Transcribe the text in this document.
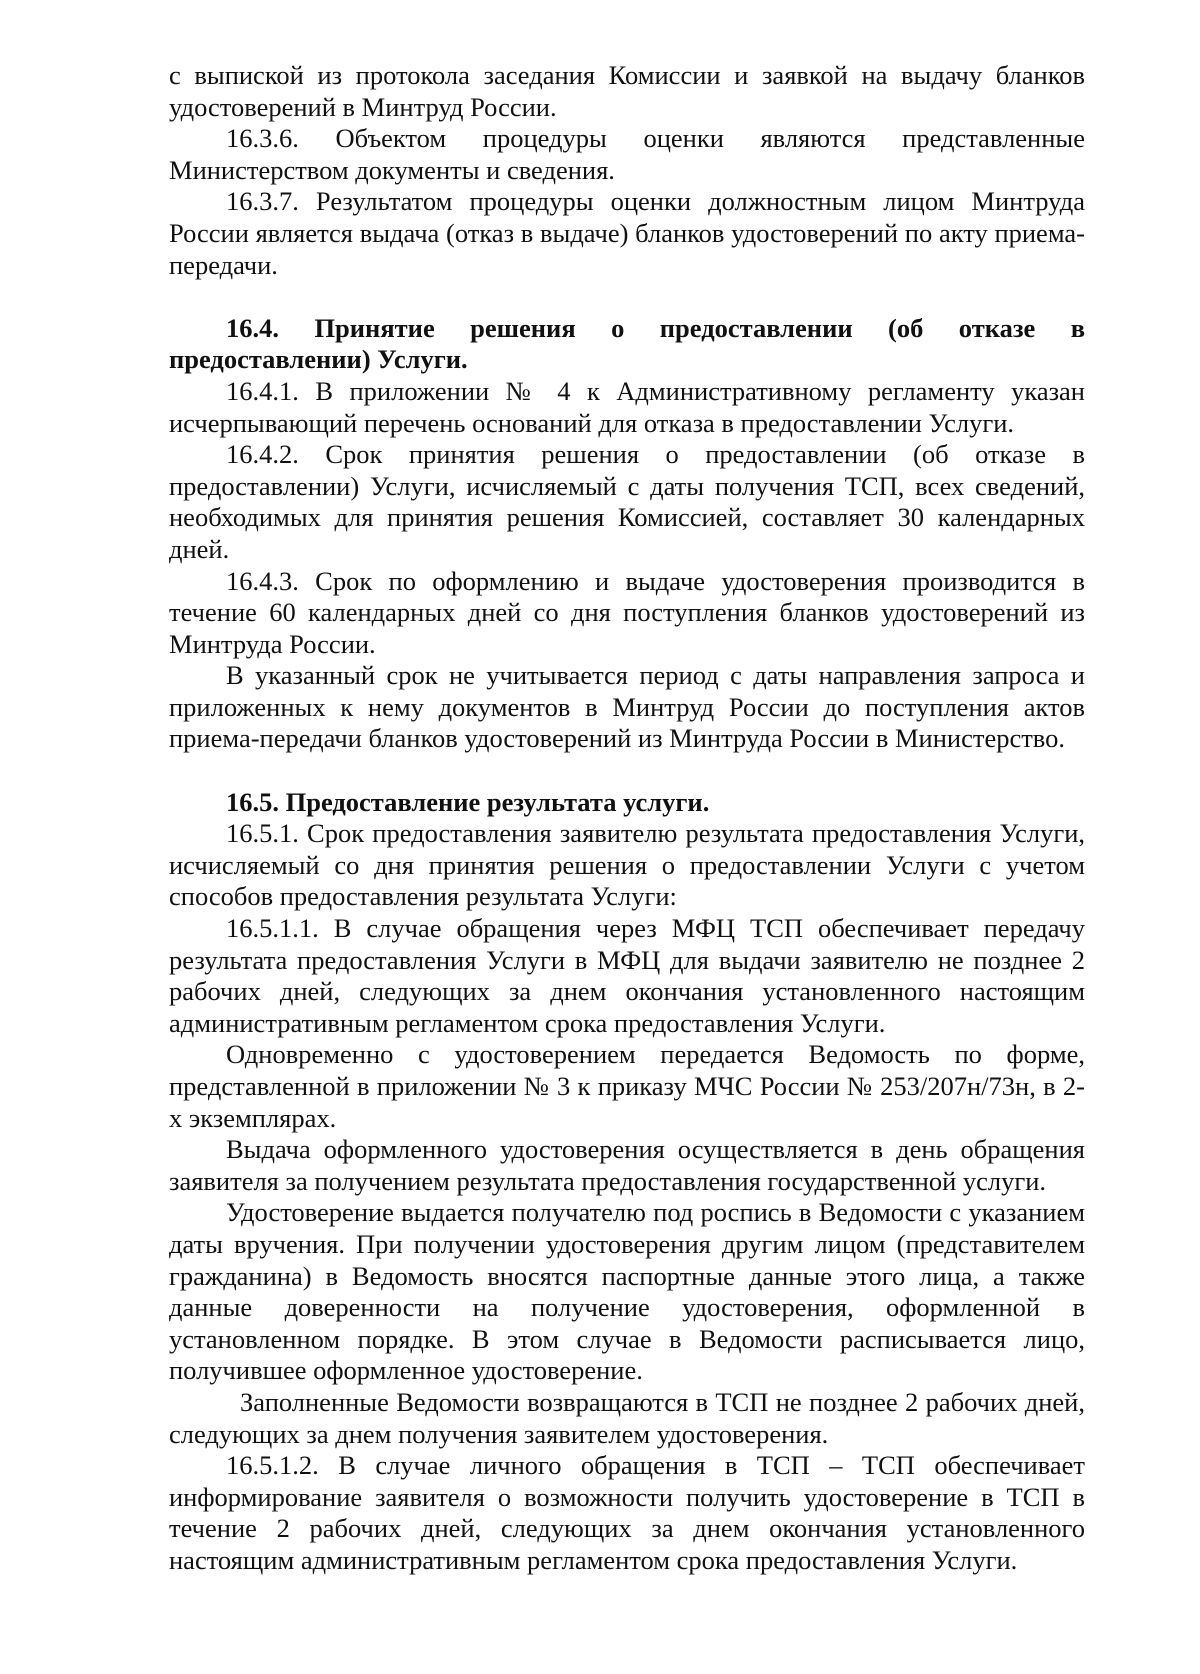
с выпиской из протокола заседания Комиссии и заявкой на выдачу бланков удостоверений в Минтруд России.

16.3.6. Объектом процедуры оценки являются представленные Министерством документы и сведения.

16.3.7. Результатом процедуры оценки должностным лицом Минтруда России является выдача (отказ в выдаче) бланков удостоверений по акту приема-передачи.

16.4. Принятие решения о предоставлении (об отказе в предоставлении) Услуги.

16.4.1. В приложении № 4 к Административному регламенту указан исчерпывающий перечень оснований для отказа в предоставлении Услуги.

16.4.2. Срок принятия решения о предоставлении (об отказе в предоставлении) Услуги, исчисляемый с даты получения ТСП, всех сведений, необходимых для принятия решения Комиссией, составляет 30 календарных дней.

16.4.3. Срок по оформлению и выдаче удостоверения производится в течение 60 календарных дней со дня поступления бланков удостоверений из Минтруда России.

В указанный срок не учитывается период с даты направления запроса и приложенных к нему документов в Минтруд России до поступления актов приема-передачи бланков удостоверений из Минтруда России в Министерство.

16.5. Предоставление результата услуги.

16.5.1. Срок предоставления заявителю результата предоставления Услуги, исчисляемый со дня принятия решения о предоставлении Услуги с учетом способов предоставления результата Услуги:

16.5.1.1. В случае обращения через МФЦ ТСП обеспечивает передачу результата предоставления Услуги в МФЦ для выдачи заявителю не позднее 2 рабочих дней, следующих за днем окончания установленного настоящим административным регламентом срока предоставления Услуги.

Одновременно с удостоверением передается Ведомость по форме, представленной в приложении № 3 к приказу МЧС России № 253/207н/73н, в 2-х экземплярах.

Выдача оформленного удостоверения осуществляется в день обращения заявителя за получением результата предоставления государственной услуги.

Удостоверение выдается получателю под роспись в Ведомости с указанием даты вручения. При получении удостоверения другим лицом (представителем гражданина) в Ведомость вносятся паспортные данные этого лица, а также данные доверенности на получение удостоверения, оформленной в установленном порядке. В этом случае в Ведомости расписывается лицо, получившее оформленное удостоверение.

Заполненные Ведомости возвращаются в ТСП не позднее 2 рабочих дней, следующих за днем получения заявителем удостоверения.

16.5.1.2. В случае личного обращения в ТСП – ТСП обеспечивает информирование заявителя о возможности получить удостоверение в ТСП в течение 2 рабочих дней, следующих за днем окончания установленного настоящим административным регламентом срока предоставления Услуги.
